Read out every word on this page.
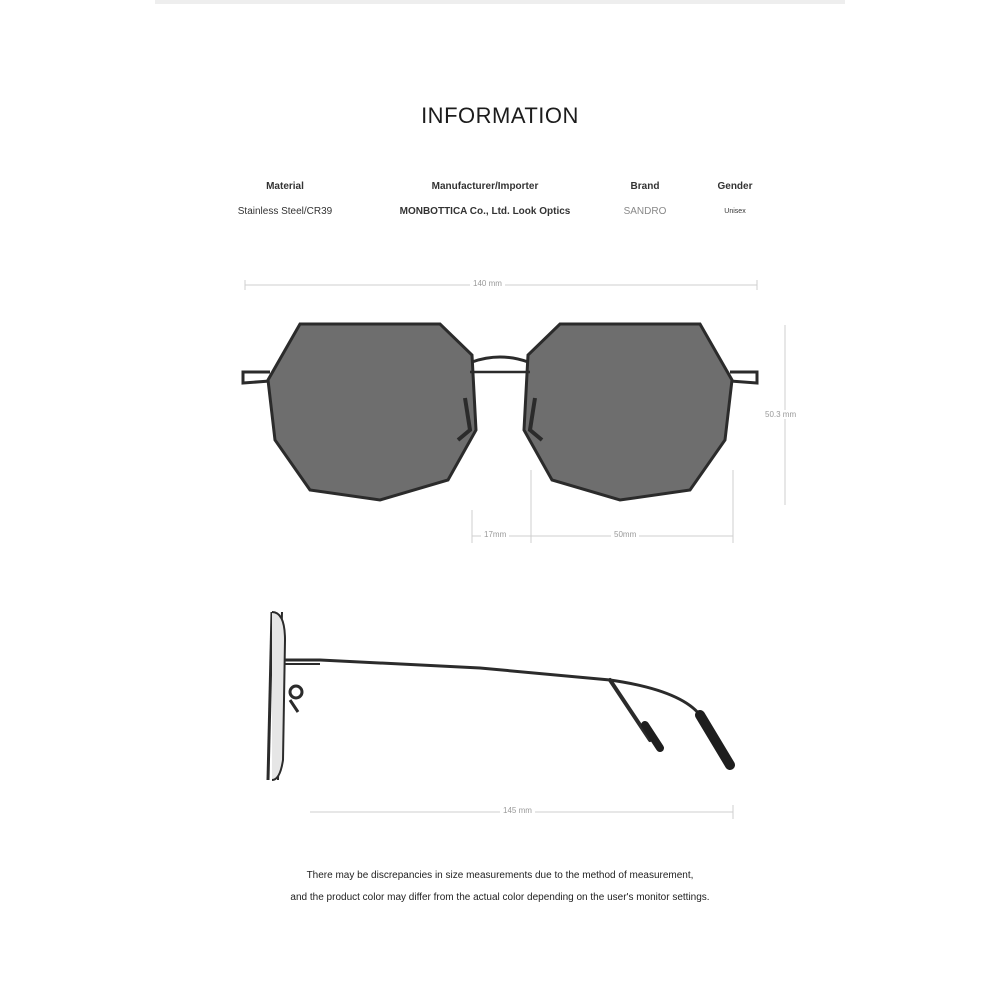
INFORMATION
Material
Stainless Steel/CR39
Manufacturer/Importer
MONBOTTICA Co., Ltd. Look Optics
Brand
SANDRO
Gender
Unisex
140 mm
50.3 mm
17mm	50mm
145 mm
There may be discrepancies in size measurements due to the method of measurement,
and the product color may differ from the actual color depending on the user's monitor settings.
